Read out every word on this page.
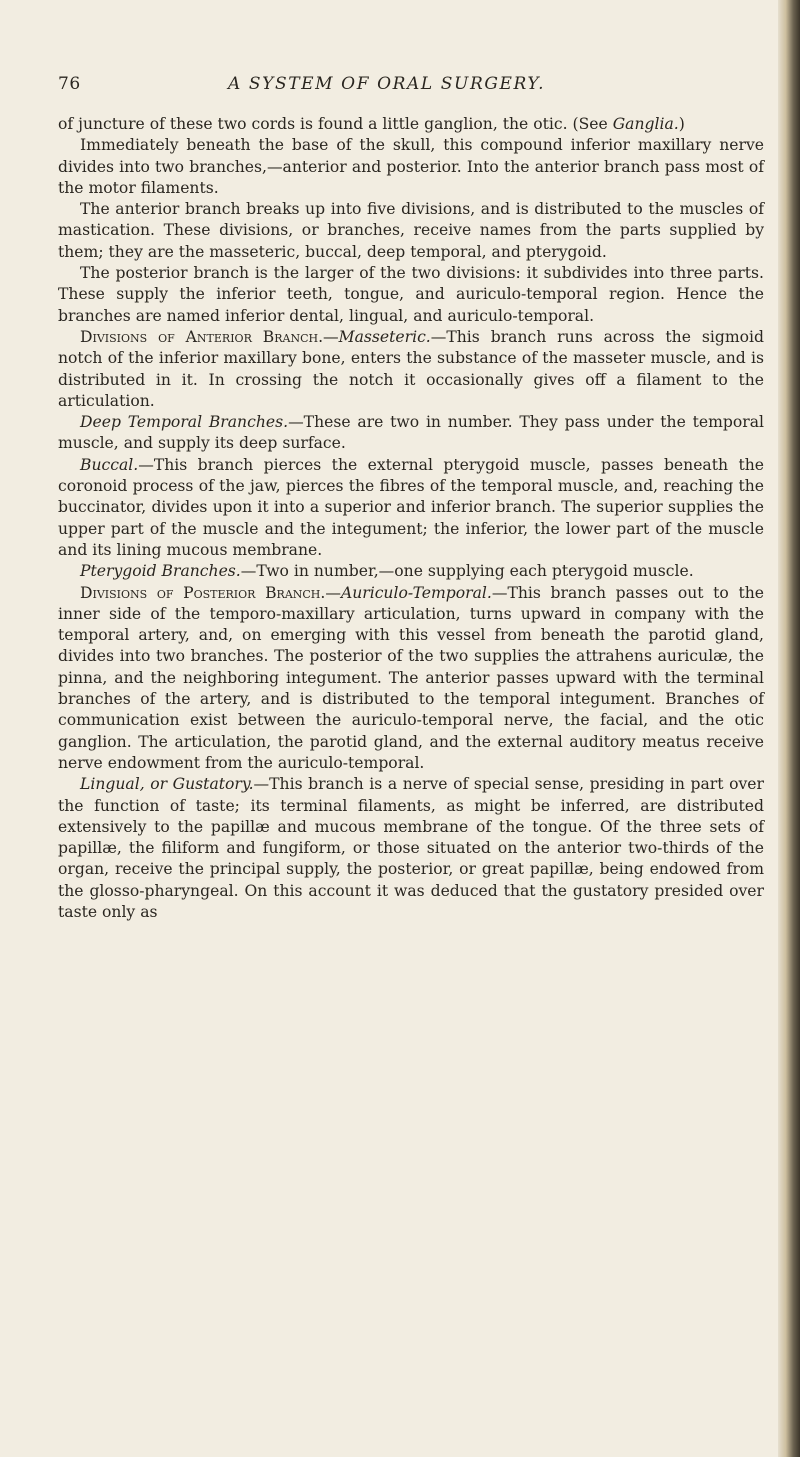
76	A SYSTEM OF ORAL SURGERY.

of juncture of these two cords is found a little ganglion, the otic. (See Ganglia.)

Immediately beneath the base of the skull, this compound inferior maxillary nerve divides into two branches,—anterior and posterior. Into the anterior branch pass most of the motor filaments.

The anterior branch breaks up into five divisions, and is distributed to the muscles of mastication. These divisions, or branches, receive names from the parts supplied by them; they are the masseteric, buccal, deep temporal, and pterygoid.

The posterior branch is the larger of the two divisions: it subdivides into three parts. These supply the inferior teeth, tongue, and auriculo-temporal region. Hence the branches are named inferior dental, lingual, and auriculo-temporal.

Divisions of Anterior Branch.—Masseteric.—This branch runs across the sigmoid notch of the inferior maxillary bone, enters the substance of the masseter muscle, and is distributed in it. In crossing the notch it occasionally gives off a filament to the articulation.

Deep Temporal Branches.—These are two in number. They pass under the temporal muscle, and supply its deep surface.

Buccal.—This branch pierces the external pterygoid muscle, passes beneath the coronoid process of the jaw, pierces the fibres of the temporal muscle, and, reaching the buccinator, divides upon it into a superior and inferior branch. The superior supplies the upper part of the muscle and the integument; the inferior, the lower part of the muscle and its lining mucous membrane.

Pterygoid Branches.—Two in number,—one supplying each pterygoid muscle.

Divisions of Posterior Branch.—Auriculo-Temporal.—This branch passes out to the inner side of the temporo-maxillary articulation, turns upward in company with the temporal artery, and, on emerging with this vessel from beneath the parotid gland, divides into two branches. The posterior of the two supplies the attrahens auriculæ, the pinna, and the neighboring integument. The anterior passes upward with the terminal branches of the artery, and is distributed to the temporal integument. Branches of communication exist between the auriculo-temporal nerve, the facial, and the otic ganglion. The articulation, the parotid gland, and the external auditory meatus receive nerve endowment from the auriculo-temporal.

Lingual, or Gustatory.—This branch is a nerve of special sense, presiding in part over the function of taste; its terminal filaments, as might be inferred, are distributed extensively to the papillæ and mucous membrane of the tongue. Of the three sets of papillæ, the filiform and fungiform, or those situated on the anterior two-thirds of the organ, receive the principal supply, the posterior, or great papillæ, being endowed from the glosso-pharyngeal. On this account it was deduced that the gustatory presided over taste only as
